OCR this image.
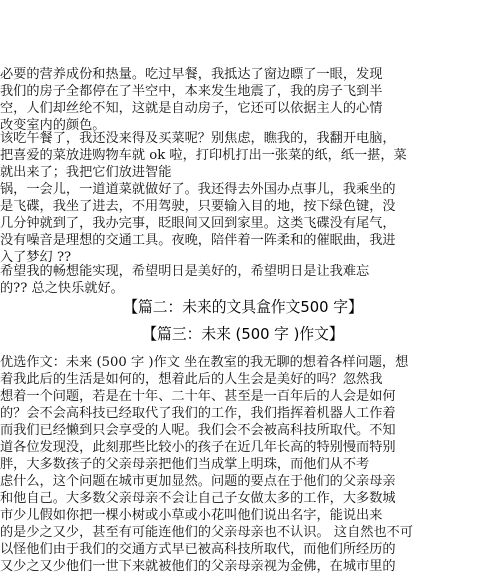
必要的营养成份和热量。吃过早餐，我抵达了窗边瞟了一眼，发现
我们的房子全都停在了半空中，本来发生地震了，我的房子飞到半
空，人们却丝纶不知，这就是自动房子，它还可以依据主人的心情
改变室内的颜色。
该吃午餐了，我还没来得及买菜呢？别焦虑，瞧我的，我翻开电脑，
把喜爱的菜放进购物车就 ok 啦，打印机打出一张菜的纸，纸一揕，菜
就出来了；我把它们放进智能
锅，一会儿，一道道菜就做好了。我还得去外国办点事儿，我乘坐的
是飞碟，我坐了进去，不用驾驶，只要输入目的地，按下绿色键，没
几分钟就到了，我办完事，眨眼间又回到家里。这类飞碟没有尾气，
没有噪音是理想的交通工具。夜晚，陪伴着一阵柔和的催眠曲，我进
入了梦幻 ??
希望我的畅想能实现，希望明日是美好的，希望明日是让我难忘
的?? 总之快乐就好。
【篇二：未来的文具盒作文500 字】
【篇三：未来 (500 字 )作文】
优选作文：未来 (500 字 )作文 坐在教室的我无聊的想着各样问题，想
着我此后的生活是如何的，想着此后的人生会是美好的吗？忽然我
想着一个问题，若是在十年、二十年、甚至是一百年后的人会是如何
的？会不会高科技已经取代了我们的工作，我们指挥着机器人工作着
而我们已经懒到只会享受的人呢。我们会不会被高科技所取代。不知
道各位发现没，此刻那些比较小的孩子在近几年长高的特别慢而特别
胖，大多数孩子的父亲母亲把他们当成掌上明珠，而他们从不考
虑什么，这个问题在城市更加显然。问题的要点在于他们的父亲母亲
和他自己。大多数父亲母亲不会让自己子女做太多的工作，大多数城
市少儿假如你把一棵小树或小草或小花叫他们说出名字，能说出来
的是少之又少，甚至有可能连他们的父亲母亲也不认识。 这自然也不可
以怪他们由于我们的交通方式早已被高科技所取代，而他们所经历的
又少之又少他们一世下来就被他们的父亲母亲视为金佛，在城市里的
